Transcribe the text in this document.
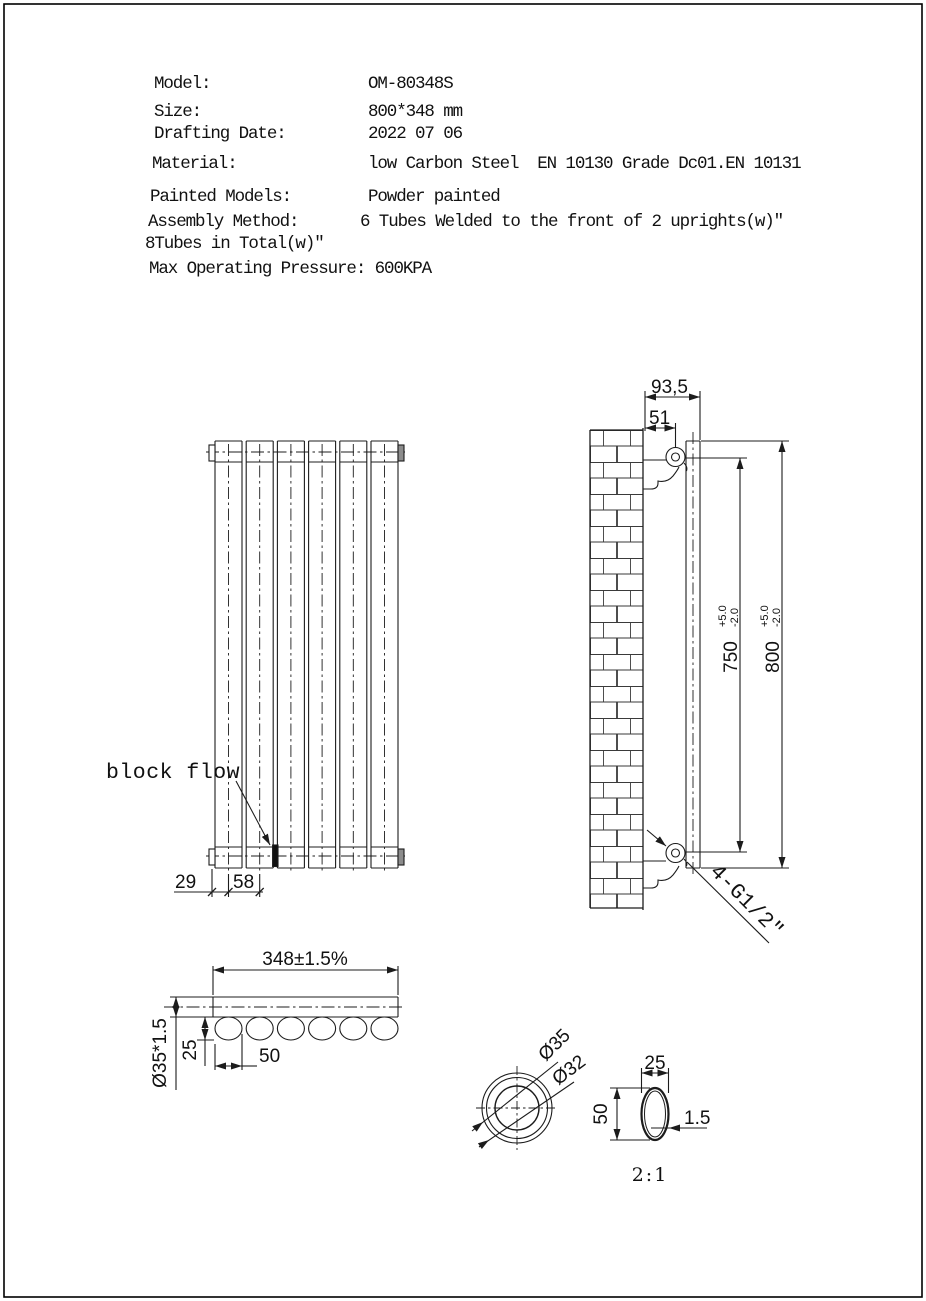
Model:	OM-80348S
Size:	800*348 mm
Drafting Date:	2022 07 06
Material:	low Carbon Steel  EN 10130 Grade Dc01.EN 10131
Painted Models:	Powder painted
Assembly Method:	6 Tubes Welded to the front of 2 uprights(w)″
8Tubes in Total(w)″
Max Operating Pressure: 600KPA
block flow
29 58
93,5
51
750
+5.0 -2.0
800
+5.0 -2.0
4-G1/2″
348±1.5%
Ø35*1.5 25	50	Ø35
Ø32	25
50	1.5
2:1
